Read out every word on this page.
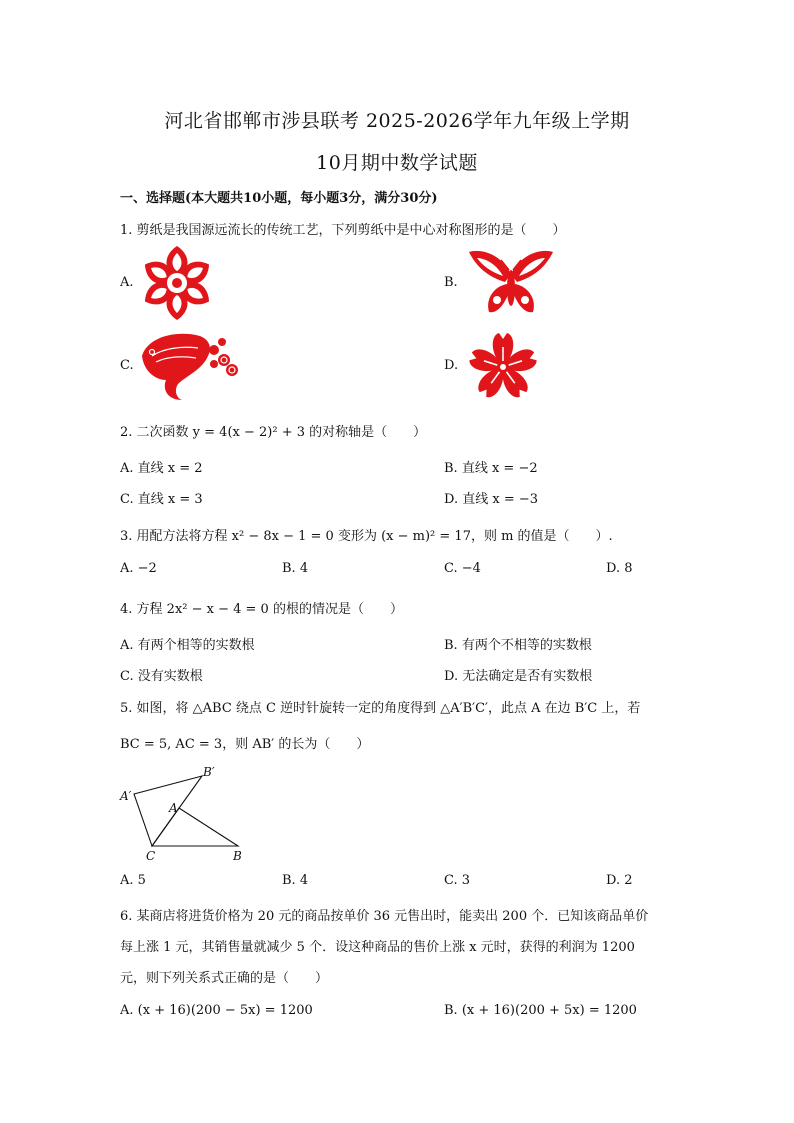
河北省邯郸市涉县联考 2025-2026学年九年级上学期
10月期中数学试题
一、选择题(本大题共10小题，每小题3分，满分30分)
1. 剪纸是我国源远流长的传统工艺，下列剪纸中是中心对称图形的是（　　）
A.	B.
C.	D.
2. 二次函数 y = 4(x − 2)² + 3 的对称轴是（　　）
A. 直线 x = 2	B. 直线 x = −2
C. 直线 x = 3	D. 直线 x = −3
3. 用配方法将方程 x² − 8x − 1 = 0 变形为 (x − m)² = 17，则 m 的值是（　　）.
A. −2	B. 4	C. −4	D. 8
4. 方程 2x² − x − 4 = 0 的根的情况是（　　）
A. 有两个相等的实数根	B. 有两个不相等的实数根
C. 没有实数根	D. 无法确定是否有实数根
5. 如图，将 △ABC 绕点 C 逆时针旋转一定的角度得到 △A′B′C′，此点 A 在边 B′C 上，若
BC = 5, AC = 3，则 AB′ 的长为（　　）
B′
A′
A
C	B
A. 5	B. 4	C. 3	D. 2
6. 某商店将进货价格为 20 元的商品按单价 36 元售出时，能卖出 200 个．已知该商品单价
每上涨 1 元，其销售量就减少 5 个．设这种商品的售价上涨 x 元时，获得的利润为 1200
元，则下列关系式正确的是（　　）
A. (x + 16)(200 − 5x) = 1200	B. (x + 16)(200 + 5x) = 1200
